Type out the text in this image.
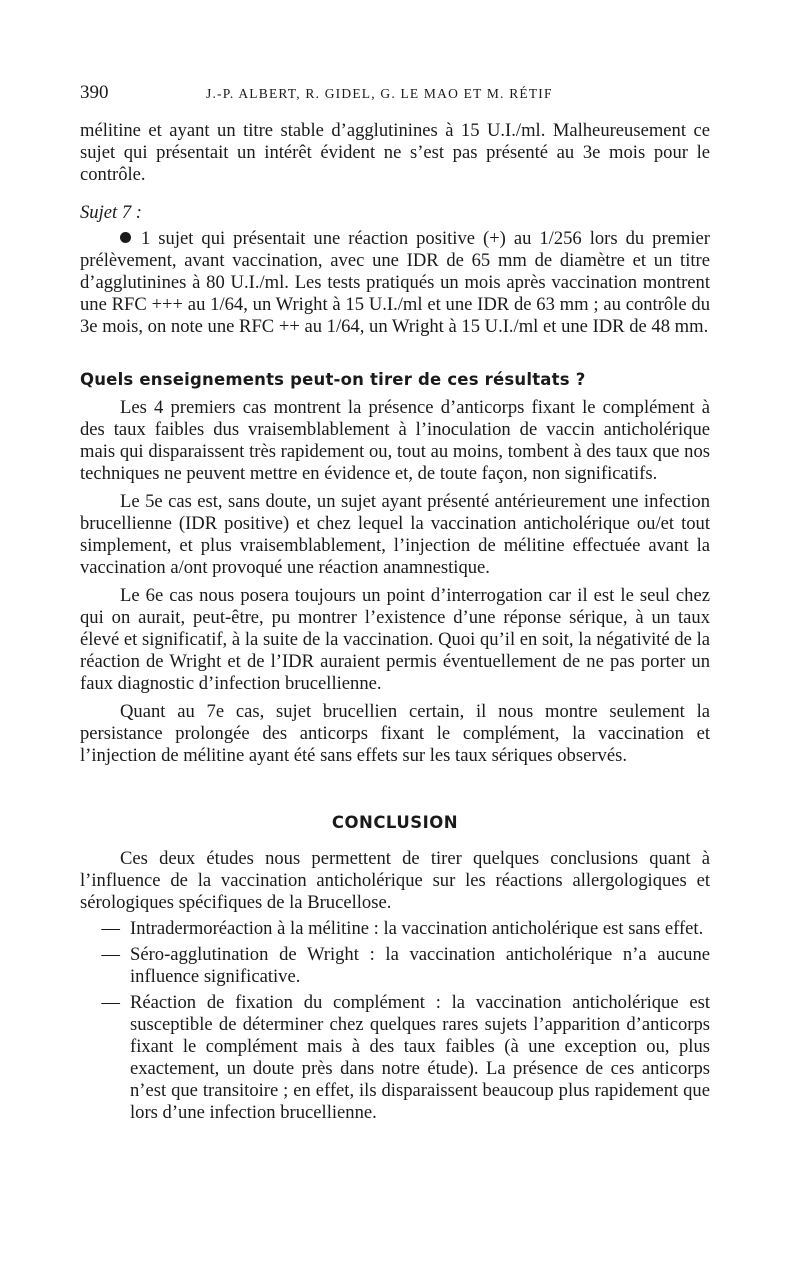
390	J.-P. ALBERT, R. GIDEL, G. LE MAO ET M. RÉTIF

mélitine et ayant un titre stable d’agglutinines à 15 U.I./ml. Malheureusement ce sujet qui présentait un intérêt évident ne s’est pas présenté au 3e mois pour le contrôle.

Sujet 7 :

1 sujet qui présentait une réaction positive (+) au 1/256 lors du premier prélèvement, avant vaccination, avec une IDR de 65 mm de diamètre et un titre d’agglutinines à 80 U.I./ml. Les tests pratiqués un mois après vaccination montrent une RFC +++ au 1/64, un Wright à 15 U.I./ml et une IDR de 63 mm ; au contrôle du 3e mois, on note une RFC ++ au 1/64, un Wright à 15 U.I./ml et une IDR de 48 mm.

Quels enseignements peut-on tirer de ces résultats ?

Les 4 premiers cas montrent la présence d’anticorps fixant le complément à des taux faibles dus vraisemblablement à l’inoculation de vaccin anticholérique mais qui disparaissent très rapidement ou, tout au moins, tombent à des taux que nos techniques ne peuvent mettre en évidence et, de toute façon, non significatifs.

Le 5e cas est, sans doute, un sujet ayant présenté antérieurement une infection brucellienne (IDR positive) et chez lequel la vaccination anticholérique ou/et tout simplement, et plus vraisemblablement, l’injection de mélitine effectuée avant la vaccination a/ont provoqué une réaction anamnestique.

Le 6e cas nous posera toujours un point d’interrogation car il est le seul chez qui on aurait, peut-être, pu montrer l’existence d’une réponse sérique, à un taux élevé et significatif, à la suite de la vaccination. Quoi qu’il en soit, la négativité de la réaction de Wright et de l’IDR auraient permis éventuellement de ne pas porter un faux diagnostic d’infection brucellienne.

Quant au 7e cas, sujet brucellien certain, il nous montre seulement la persistance prolongée des anticorps fixant le complément, la vaccination et l’injection de mélitine ayant été sans effets sur les taux sériques observés.

CONCLUSION

Ces deux études nous permettent de tirer quelques conclusions quant à l’influence de la vaccination anticholérique sur les réactions allergologiques et sérologiques spécifiques de la Brucellose.

— Intradermoréaction à la mélitine : la vaccination anticholérique est sans effet.
— Séro-agglutination de Wright : la vaccination anticholérique n’a aucune influence significative.
— Réaction de fixation du complément : la vaccination anticholérique est susceptible de déterminer chez quelques rares sujets l’apparition d’anticorps fixant le complément mais à des taux faibles (à une exception ou, plus exactement, un doute près dans notre étude). La présence de ces anticorps n’est que transitoire ; en effet, ils disparaissent beaucoup plus rapidement que lors d’une infection brucellienne.
